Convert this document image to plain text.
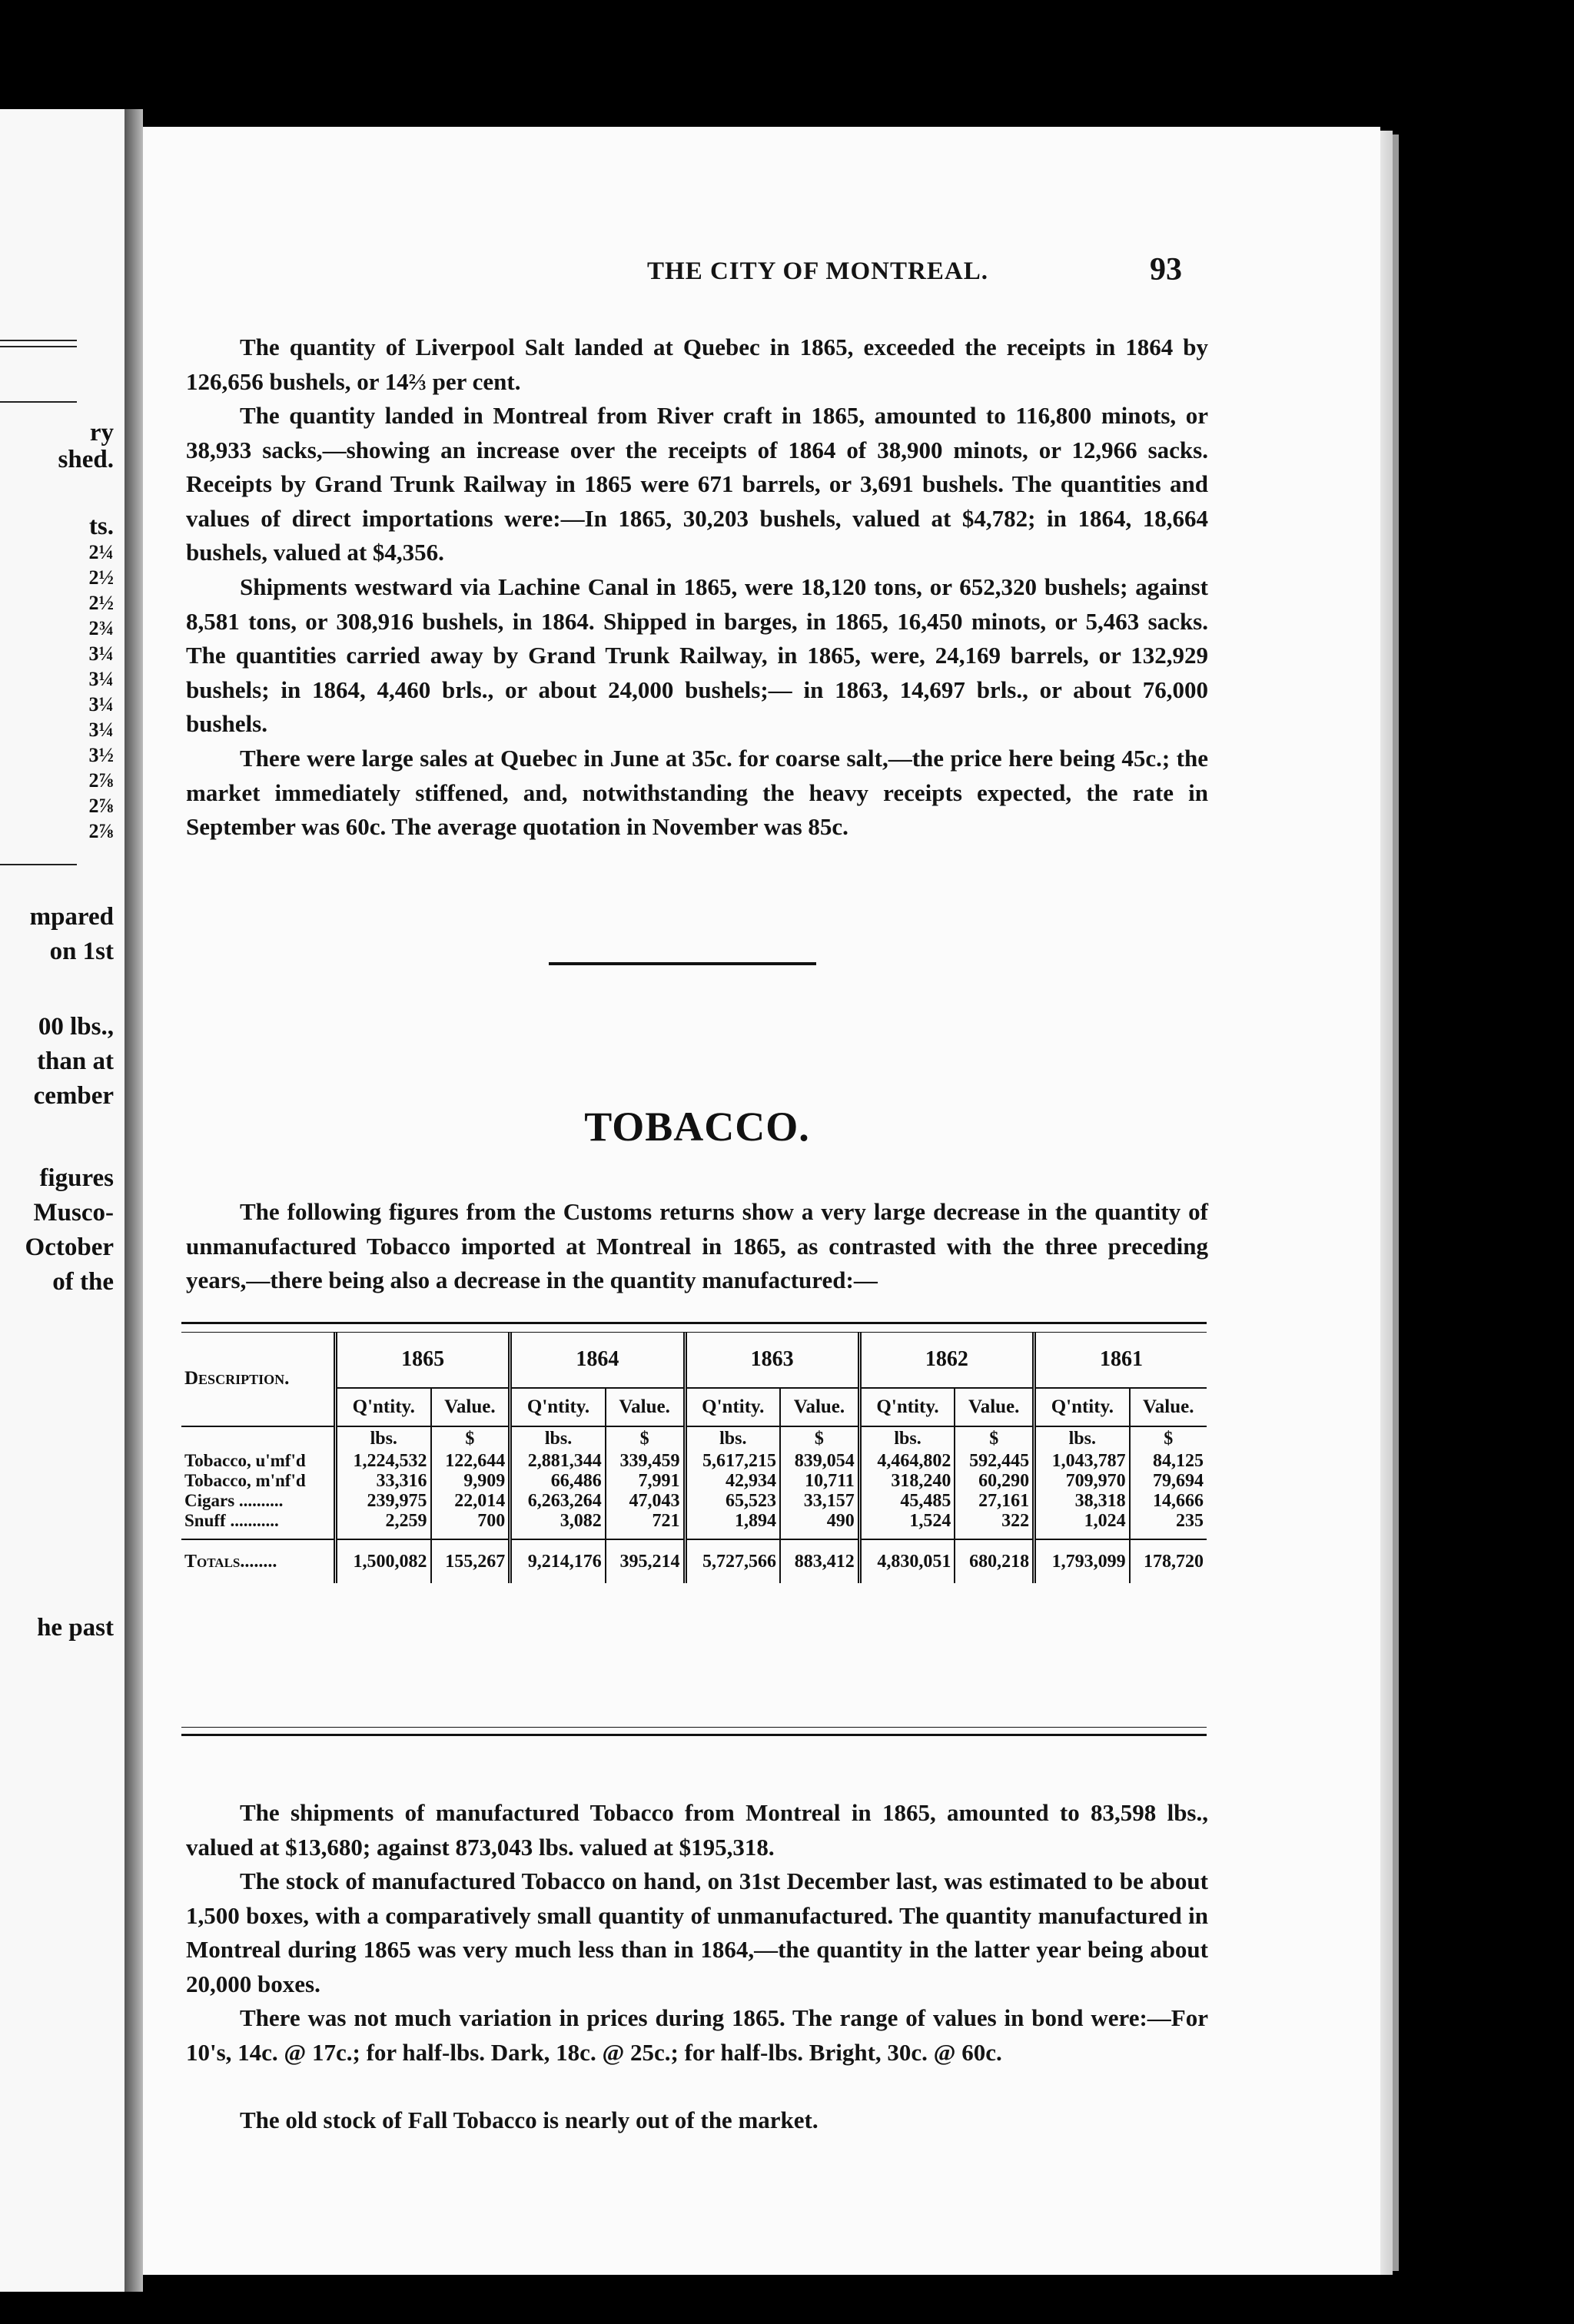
ry
shed.
ts.
2¼
2½
2½
2¾
3¼
3¼
3¼
3¼
3½
2⅞
2⅞
2⅞
mpared
on 1st
00 lbs.,
than at
cember
figures
Musco-
October
of the
he past
THE CITY OF MONTREAL.	93

The quantity of Liverpool Salt landed at Quebec in 1865, exceeded the receipts in 1864 by 126,656 bushels, or 14⅔ per cent.

The quantity landed in Montreal from River craft in 1865, amounted to 116,800 minots, or 38,933 sacks,—showing an increase over the receipts of 1864 of 38,900 minots, or 12,966 sacks. Receipts by Grand Trunk Railway in 1865 were 671 barrels, or 3,691 bushels. The quantities and values of direct importations were:—In 1865, 30,203 bushels, valued at $4,782; in 1864, 18,664 bushels, valued at $4,356.

Shipments westward via Lachine Canal in 1865, were 18,120 tons, or 652,320 bushels; against 8,581 tons, or 308,916 bushels, in 1864. Shipped in barges, in 1865, 16,450 minots, or 5,463 sacks. The quantities carried away by Grand Trunk Railway, in 1865, were, 24,169 barrels, or 132,929 bushels; in 1864, 4,460 brls., or about 24,000 bushels;— in 1863, 14,697 brls., or about 76,000 bushels.

There were large sales at Quebec in June at 35c. for coarse salt,—the price here being 45c.; the market immediately stiffened, and, notwithstanding the heavy receipts expected, the rate in September was 60c. The average quotation in November was 85c.

TOBACCO.

The following figures from the Customs returns show a very large decrease in the quantity of unmanufactured Tobacco imported at Montreal in 1865, as contrasted with the three preceding years,—there being also a decrease in the quantity manufactured:—

Description.	1865		1864		1863		1862		1861	
	Q'ntity.	Value.	Q'ntity.	Value.	Q'ntity.	Value.	Q'ntity.	Value.	Q'ntity.	Value.
	lbs.	$	lbs.	$	lbs.	$	lbs.	$	lbs.	$
Tobacco, u'mf'd	1,224,532	122,644	2,881,344	339,459	5,617,215	839,054	4,464,802	592,445	1,043,787	84,125
Tobacco, m'nf'd	33,316	9,909	66,486	7,991	42,934	10,711	318,240	60,290	709,970	79,694
Cigars ..........	239,975	22,014	6,263,264	47,043	65,523	33,157	45,485	27,161	38,318	14,666
Snuff ...........	2,259	700	3,082	721	1,894	490	1,524	322	1,024	235
Totals........	1,500,082	155,267	9,214,176	395,214	5,727,566	883,412	4,830,051	680,218	1,793,099	178,720

The shipments of manufactured Tobacco from Montreal in 1865, amounted to 83,598 lbs., valued at $13,680; against 873,043 lbs. valued at $195,318.

The stock of manufactured Tobacco on hand, on 31st December last, was estimated to be about 1,500 boxes, with a comparatively small quantity of unmanufactured. The quantity manufactured in Montreal during 1865 was very much less than in 1864,—the quantity in the latter year being about 20,000 boxes.

There was not much variation in prices during 1865. The range of values in bond were:—For 10's, 14c. @ 17c.; for half-lbs. Dark, 18c. @ 25c.; for half-lbs. Bright, 30c. @ 60c.

The old stock of Fall Tobacco is nearly out of the market.
